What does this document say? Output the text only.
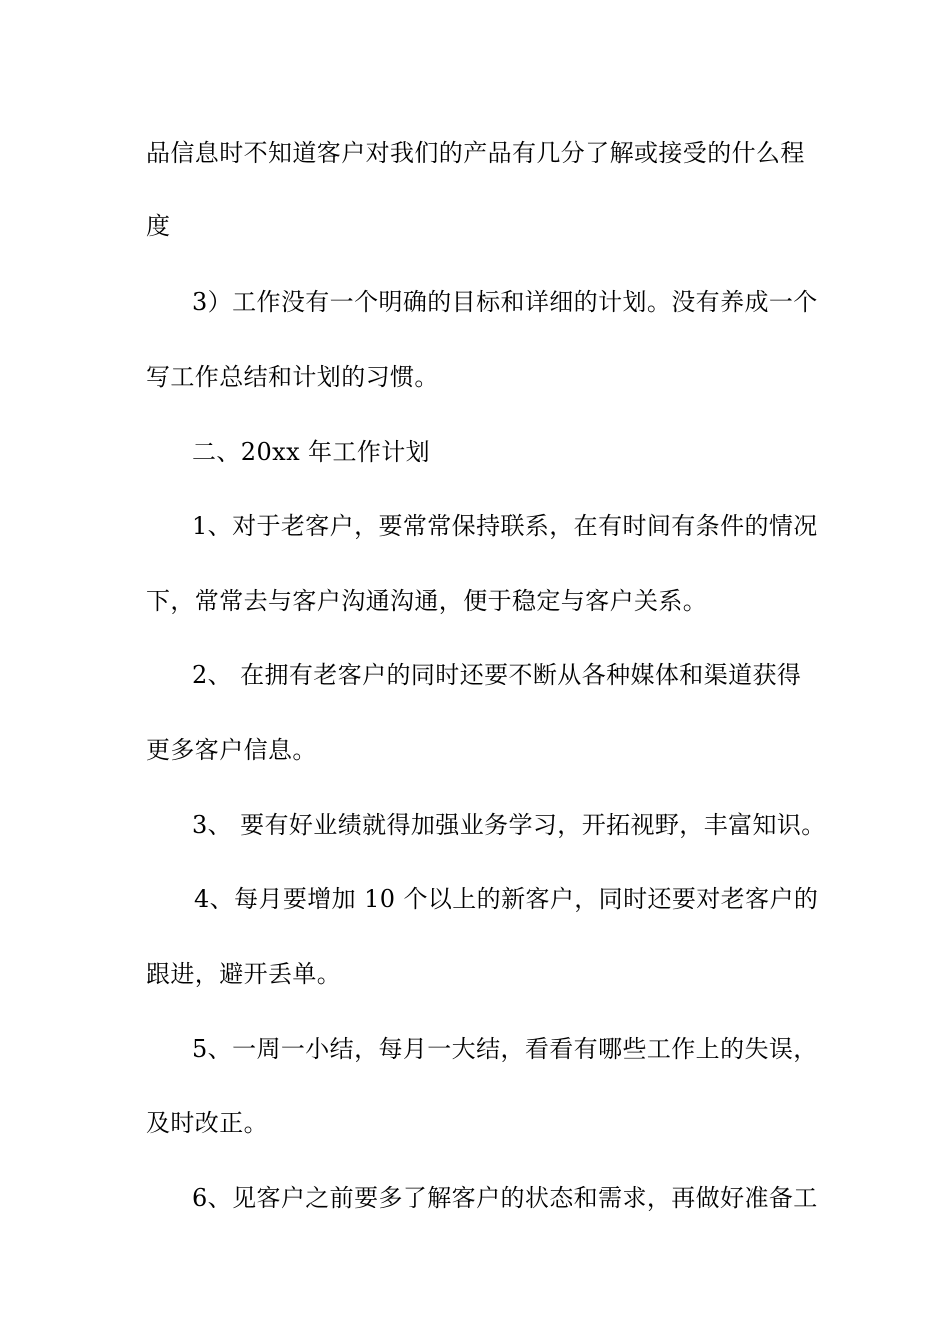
品信息时不知道客户对我们的产品有几分了解或接受的什么程
度
3）工作没有一个明确的目标和详细的计划。没有养成一个
写工作总结和计划的习惯。
二、20xx 年工作计划
1、对于老客户，要常常保持联系，在有时间有条件的情况
下，常常去与客户沟通沟通，便于稳定与客户关系。
2、 在拥有老客户的同时还要不断从各种媒体和渠道获得
更多客户信息。
3、 要有好业绩就得加强业务学习，开拓视野，丰富知识。
4、每月要增加 10 个以上的新客户，同时还要对老客户的
跟进，避开丢单。
5、一周一小结，每月一大结，看看有哪些工作上的失误，
及时改正。
6、见客户之前要多了解客户的状态和需求，再做好准备工
